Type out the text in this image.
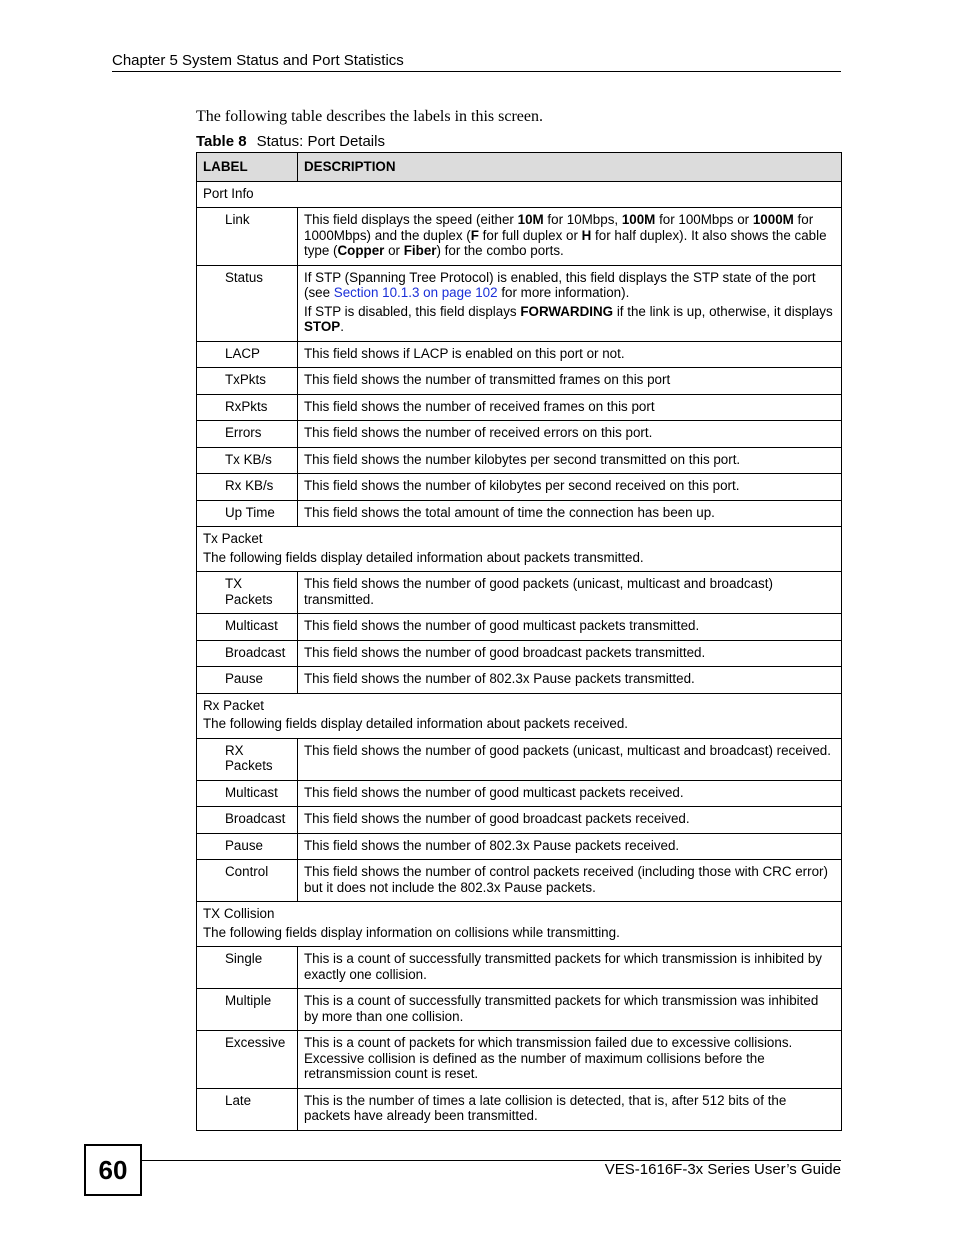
Chapter 5 System Status and Port Statistics
The following table describes the labels in this screen.
Table 8 Status: Port Details
LABEL	DESCRIPTION
Port Info	
Link	This field displays the speed (either 10M for 10Mbps, 100M for 100Mbps or 1000M for 1000Mbps) and the duplex (F for full duplex or H for half duplex). It also shows the cable type (Copper or Fiber) for the combo ports.
Status	If STP (Spanning Tree Protocol) is enabled, this field displays the STP state of the port (see Section 10.1.3 on page 102 for more information).

If STP is disabled, this field displays FORWARDING if the link is up, otherwise, it displays STOP.

LACP	This field shows if LACP is enabled on this port or not.
TxPkts	This field shows the number of transmitted frames on this port
RxPkts	This field shows the number of received frames on this port
Errors	This field shows the number of received errors on this port.
Tx KB/s	This field shows the number kilobytes per second transmitted on this port.
Rx KB/s	This field shows the number of kilobytes per second received on this port.
Up Time	This field shows the total amount of time the connection has been up.
Tx Packet
The following fields display detailed information about packets transmitted.	

TX Packets	This field shows the number of good packets (unicast, multicast and broadcast) transmitted.
Multicast	This field shows the number of good multicast packets transmitted.
Broadcast	This field shows the number of good broadcast packets transmitted.
Pause	This field shows the number of 802.3x Pause packets transmitted.
Rx Packet
The following fields display detailed information about packets received.	

RX Packets	This field shows the number of good packets (unicast, multicast and broadcast) received.
Multicast	This field shows the number of good multicast packets received.
Broadcast	This field shows the number of good broadcast packets received.
Pause	This field shows the number of 802.3x Pause packets received.
Control	This field shows the number of control packets received (including those with CRC error) but it does not include the 802.3x Pause packets.
TX Collision
The following fields display information on collisions while transmitting.	

Single	This is a count of successfully transmitted packets for which transmission is inhibited by exactly one collision.
Multiple	This is a count of successfully transmitted packets for which transmission was inhibited by more than one collision.
Excessive	This is a count of packets for which transmission failed due to excessive collisions. Excessive collision is defined as the number of maximum collisions before the retransmission count is reset.
Late	This is the number of times a late collision is detected, that is, after 512 bits of the packets have already been transmitted.
60	VES-1616F-3x Series User’s Guide
